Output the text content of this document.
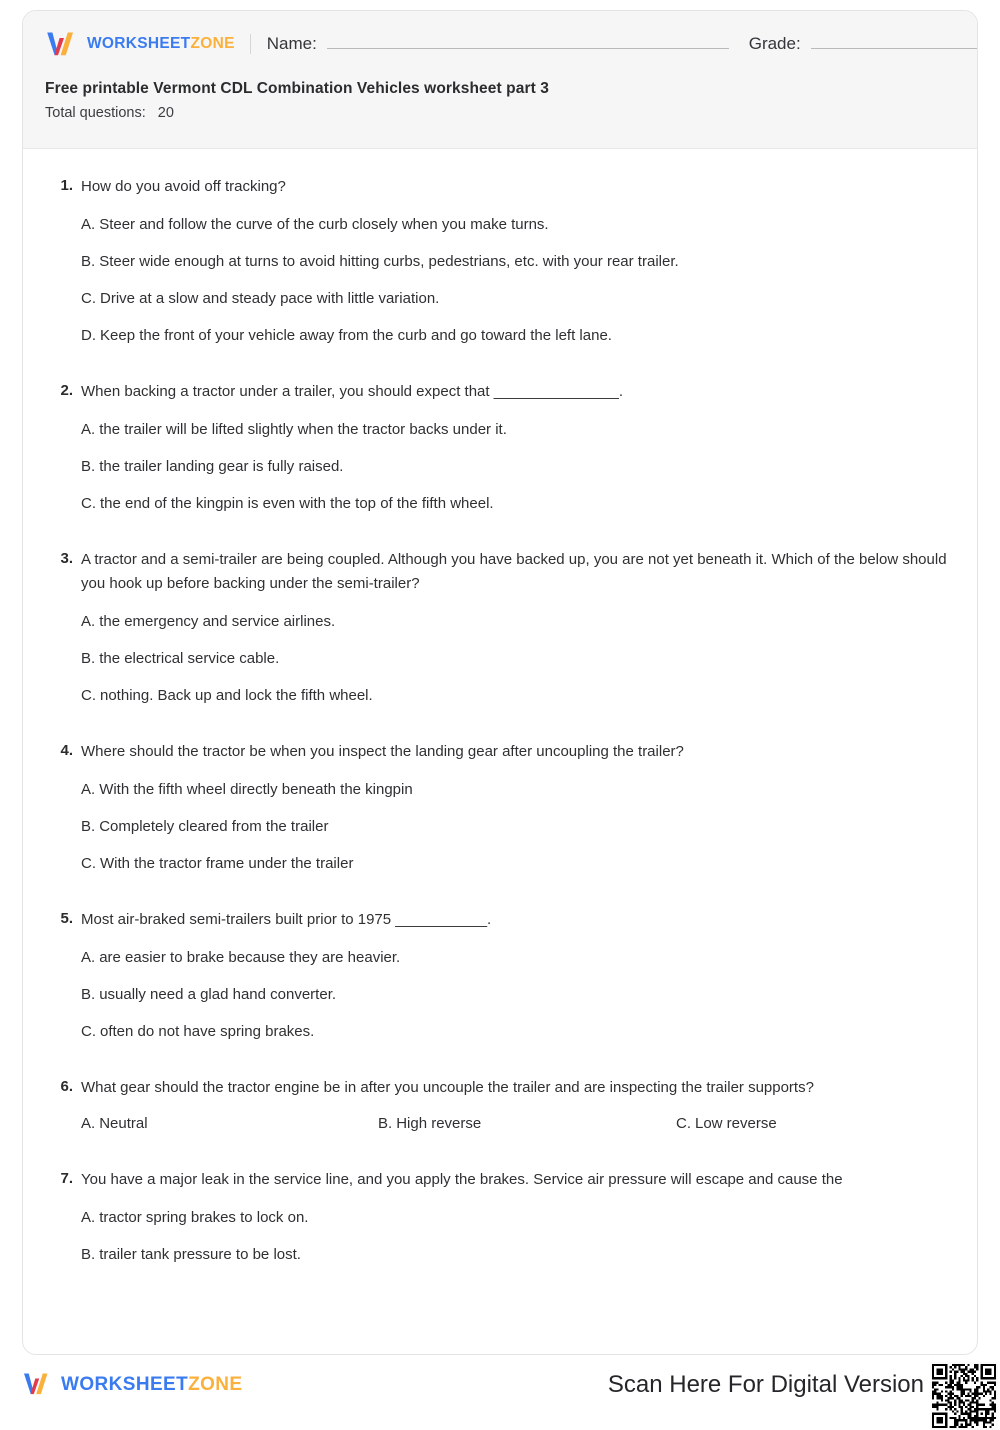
WORKSHEETZONE Name:	Grade:
Free printable Vermont CDL Combination Vehicles worksheet part 3
Total questions: 20
1. How do you avoid off tracking?
A. Steer and follow the curve of the curb closely when you make turns.
B. Steer wide enough at turns to avoid hitting curbs, pedestrians, etc. with your rear trailer.
C. Drive at a slow and steady pace with little variation.
D. Keep the front of your vehicle away from the curb and go toward the left lane.
2. When backing a tractor under a trailer, you should expect that _______________.
A. the trailer will be lifted slightly when the tractor backs under it.
B. the trailer landing gear is fully raised.
C. the end of the kingpin is even with the top of the fifth wheel.
3. A tractor and a semi-trailer are being coupled. Although you have backed up, you are not yet beneath it. Which of the below should you hook up before backing under the semi-trailer?
A. the emergency and service airlines.
B. the electrical service cable.
C. nothing. Back up and lock the fifth wheel.
4. Where should the tractor be when you inspect the landing gear after uncoupling the trailer?
A. With the fifth wheel directly beneath the kingpin
B. Completely cleared from the trailer
C. With the tractor frame under the trailer
5. Most air-braked semi-trailers built prior to 1975 ___________.
A. are easier to brake because they are heavier.
B. usually need a glad hand converter.
C. often do not have spring brakes.
6. What gear should the tractor engine be in after you uncouple the trailer and are inspecting the trailer supports?
A. Neutral	B. High reverse	C. Low reverse
7. You have a major leak in the service line, and you apply the brakes. Service air pressure will escape and cause the
A. tractor spring brakes to lock on.
B. trailer tank pressure to be lost.
WORKSHEETZONE	Scan Here For Digital Version
